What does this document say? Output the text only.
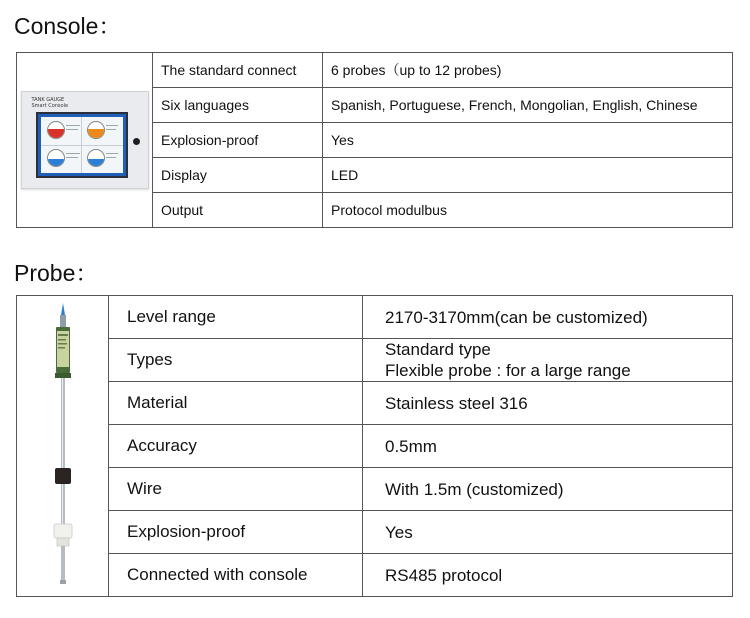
Console：
TANK GAUGE
Smart Console	The standard connect	6 probes（up to 12 probes)
	Six languages	Spanish, Portuguese, French, Mongolian, English, Chinese
	Explosion-proof	Yes
	Display	LED
	Output	Protocol modulbus
Probe：
	Level range	2170-3170mm(can be customized)
	Types	Standard type
Flexible probe : for a large range

	Material	Stainless steel 316
	Accuracy	0.5mm
	Wire	With 1.5m (customized)
	Explosion-proof	Yes
	Connected with console	RS485 protocol
